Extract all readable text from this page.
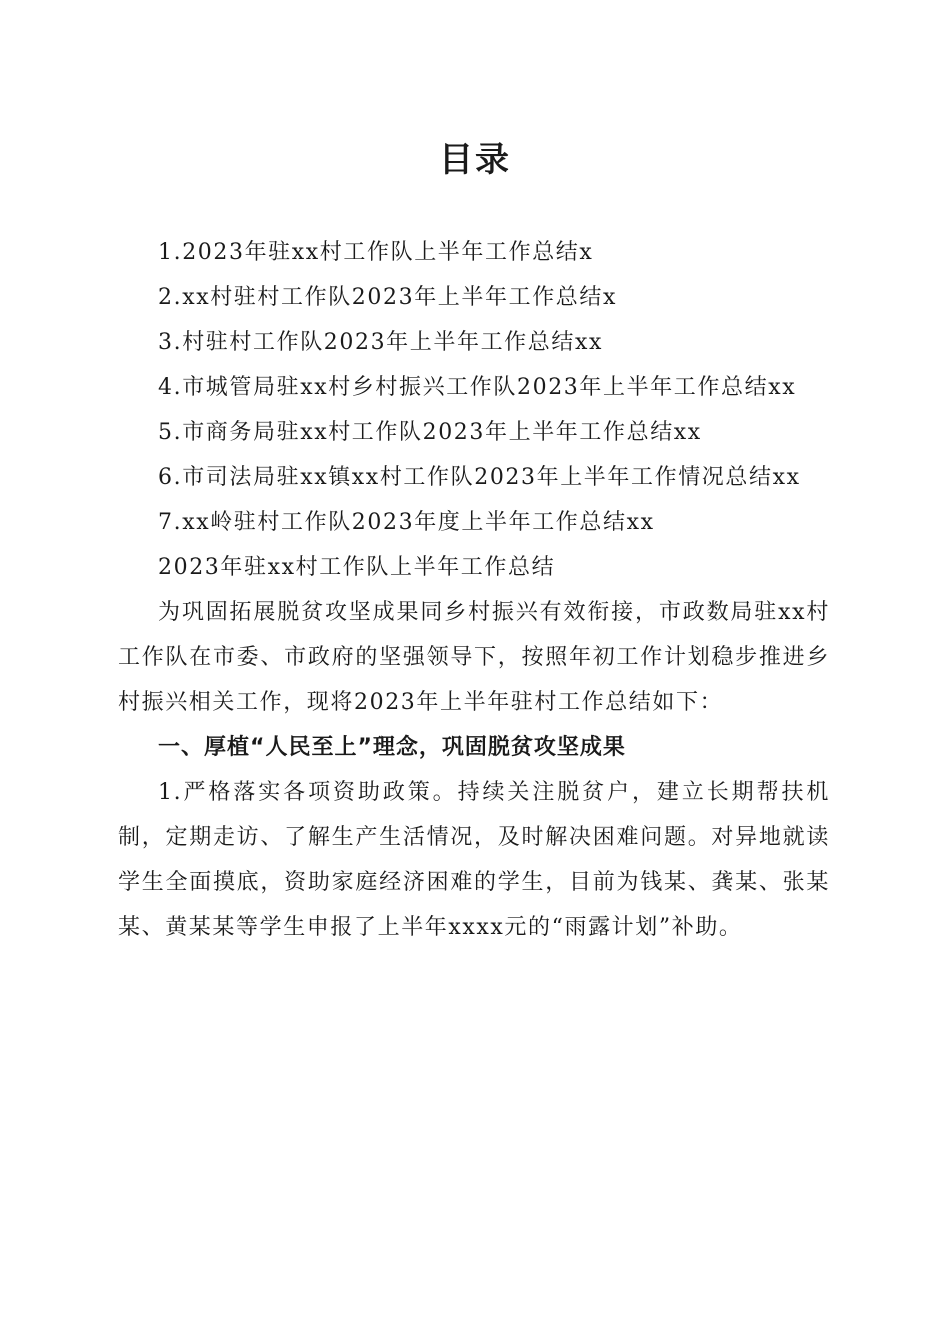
目录

1.2023年驻xx村工作队上半年工作总结x

2.xx村驻村工作队2023年上半年工作总结x

3.村驻村工作队2023年上半年工作总结xx

4.市城管局驻xx村乡村振兴工作队2023年上半年工作总结xx

5.市商务局驻xx村工作队2023年上半年工作总结xx

6.市司法局驻xx镇xx村工作队2023年上半年工作情况总结xx

7.xx岭驻村工作队2023年度上半年工作总结xx

2023年驻xx村工作队上半年工作总结

为巩固拓展脱贫攻坚成果同乡村振兴有效衔接，市政数局驻xx村工作队在市委、市政府的坚强领导下，按照年初工作计划稳步推进乡村振兴相关工作，现将2023年上半年驻村工作总结如下：

一、厚植“人民至上”理念，巩固脱贫攻坚成果

1.严格落实各项资助政策。持续关注脱贫户，建立长期帮扶机制，定期走访、了解生产生活情况，及时解决困难问题。对异地就读学生全面摸底，资助家庭经济困难的学生，目前为钱某、龚某、张某某、黄某某等学生申报了上半年xxxx元的“雨露计划”补助。
